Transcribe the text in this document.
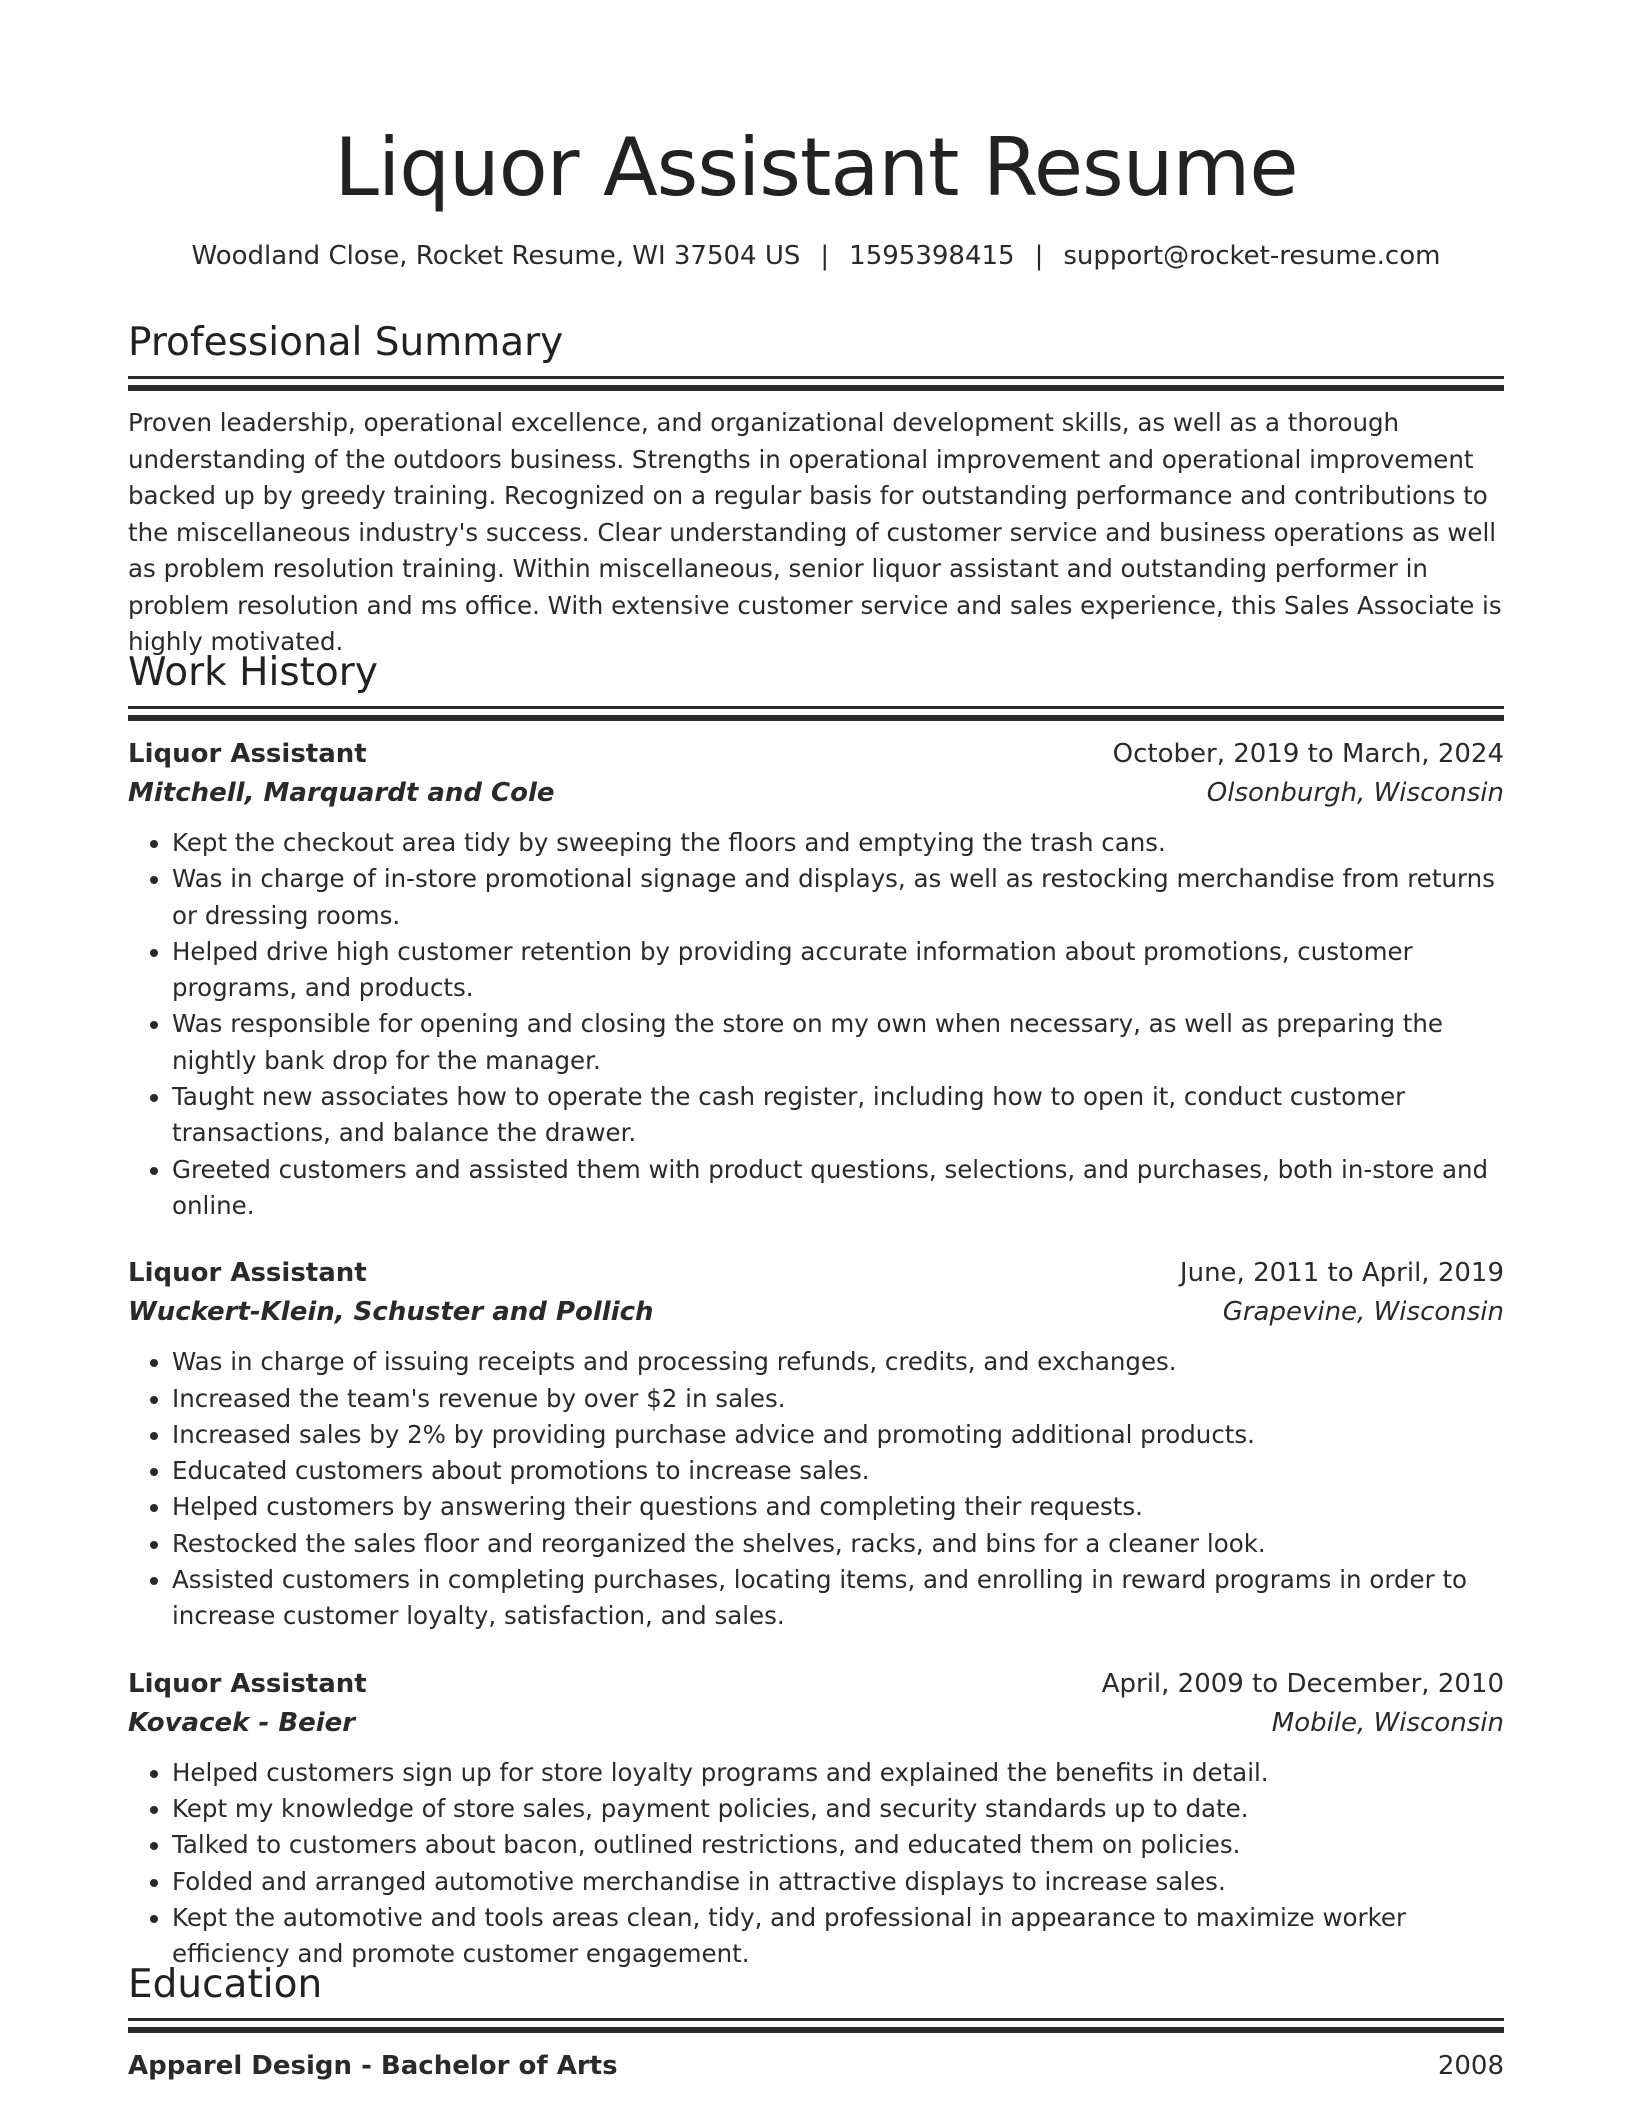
Liquor Assistant Resume
Woodland Close, Rocket Resume, WI 37504 US | 1595398415 | support@rocket-resume.com
Professional Summary

Proven leadership, operational excellence, and organizational development skills, as well as a thorough understanding of the outdoors business. Strengths in operational improvement and operational improvement backed up by greedy training. Recognized on a regular basis for outstanding performance and contributions to the miscellaneous industry's success. Clear understanding of customer service and business operations as well as problem resolution training. Within miscellaneous, senior liquor assistant and outstanding performer in problem resolution and ms office. With extensive customer service and sales experience, this Sales Associate is highly motivated.

Work History
Liquor Assistant	October, 2019 to March, 2024
Mitchell, Marquardt and Cole	Olsonburgh, Wisconsin
• Kept the checkout area tidy by sweeping the floors and emptying the trash cans.
• Was in charge of in-store promotional signage and displays, as well as restocking merchandise from returns or dressing rooms.
• Helped drive high customer retention by providing accurate information about promotions, customer programs, and products.
• Was responsible for opening and closing the store on my own when necessary, as well as preparing the nightly bank drop for the manager.
• Taught new associates how to operate the cash register, including how to open it, conduct customer transactions, and balance the drawer.
• Greeted customers and assisted them with product questions, selections, and purchases, both in-store and online.
Liquor Assistant	June, 2011 to April, 2019
Wuckert-Klein, Schuster and Pollich	Grapevine, Wisconsin
• Was in charge of issuing receipts and processing refunds, credits, and exchanges.
• Increased the team's revenue by over $2 in sales.
• Increased sales by 2% by providing purchase advice and promoting additional products.
• Educated customers about promotions to increase sales.
• Helped customers by answering their questions and completing their requests.
• Restocked the sales floor and reorganized the shelves, racks, and bins for a cleaner look.
• Assisted customers in completing purchases, locating items, and enrolling in reward programs in order to increase customer loyalty, satisfaction, and sales.
Liquor Assistant	April, 2009 to December, 2010
Kovacek - Beier	Mobile, Wisconsin
• Helped customers sign up for store loyalty programs and explained the benefits in detail.
• Kept my knowledge of store sales, payment policies, and security standards up to date.
• Talked to customers about bacon, outlined restrictions, and educated them on policies.
• Folded and arranged automotive merchandise in attractive displays to increase sales.
• Kept the automotive and tools areas clean, tidy, and professional in appearance to maximize worker efficiency and promote customer engagement.
Education
Apparel Design - Bachelor of Arts	2008
